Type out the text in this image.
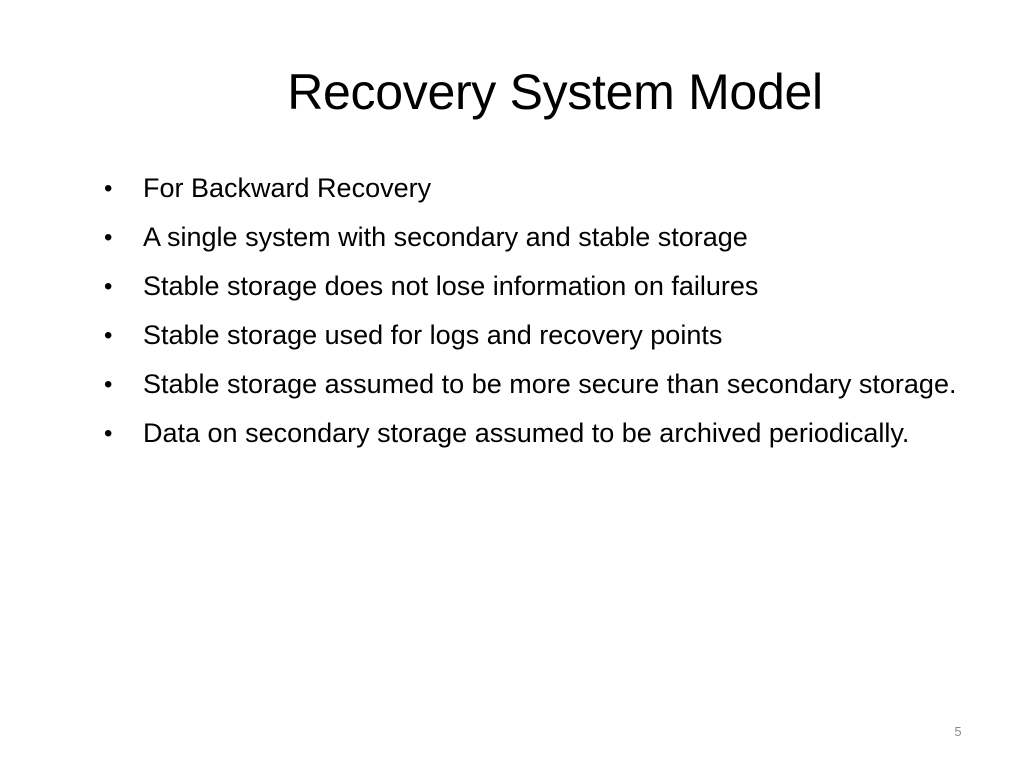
Recovery System Model
•	For Backward Recovery
•	A single system with secondary and stable storage
•	Stable storage does not lose information on failures
•	Stable storage used for logs and recovery points
•	Stable storage assumed to be more secure than secondary storage.
•	Data on secondary storage assumed to be archived periodically.
5
